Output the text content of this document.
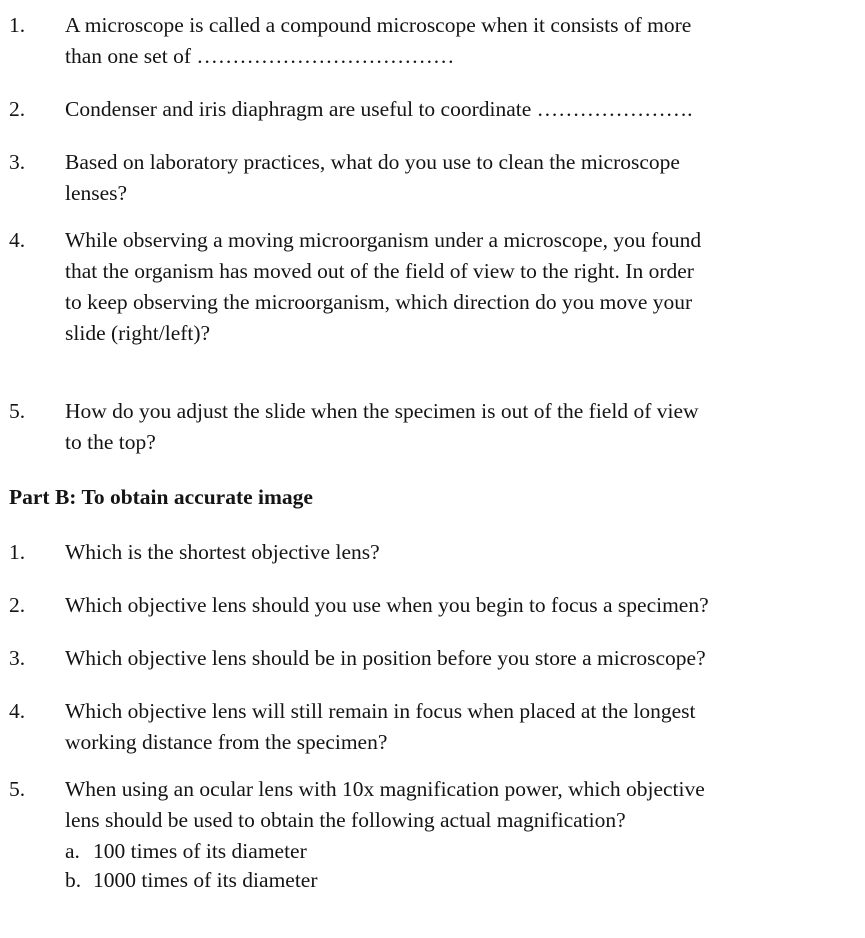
1.	A microscope is called a compound microscope when it consists of more
than one set of ………………………………
2.	Condenser and iris diaphragm are useful to coordinate ………………….
3.	Based on laboratory practices, what do you use to clean the microscope
lenses?
4.	While observing a moving microorganism under a microscope, you found
that the organism has moved out of the field of view to the right. In order
to keep observing the microorganism, which direction do you move your
slide (right/left)?
5.	How do you adjust the slide when the specimen is out of the field of view
to the top?
Part B: To obtain accurate image
1.	Which is the shortest objective lens?
2.	Which objective lens should you use when you begin to focus a specimen?
3.	Which objective lens should be in position before you store a microscope?
4.	Which objective lens will still remain in focus when placed at the longest
working distance from the specimen?
5.	When using an ocular lens with 10x magnification power, which objective
lens should be used to obtain the following actual magnification?
a. 100 times of its diameter
b. 1000 times of its diameter
